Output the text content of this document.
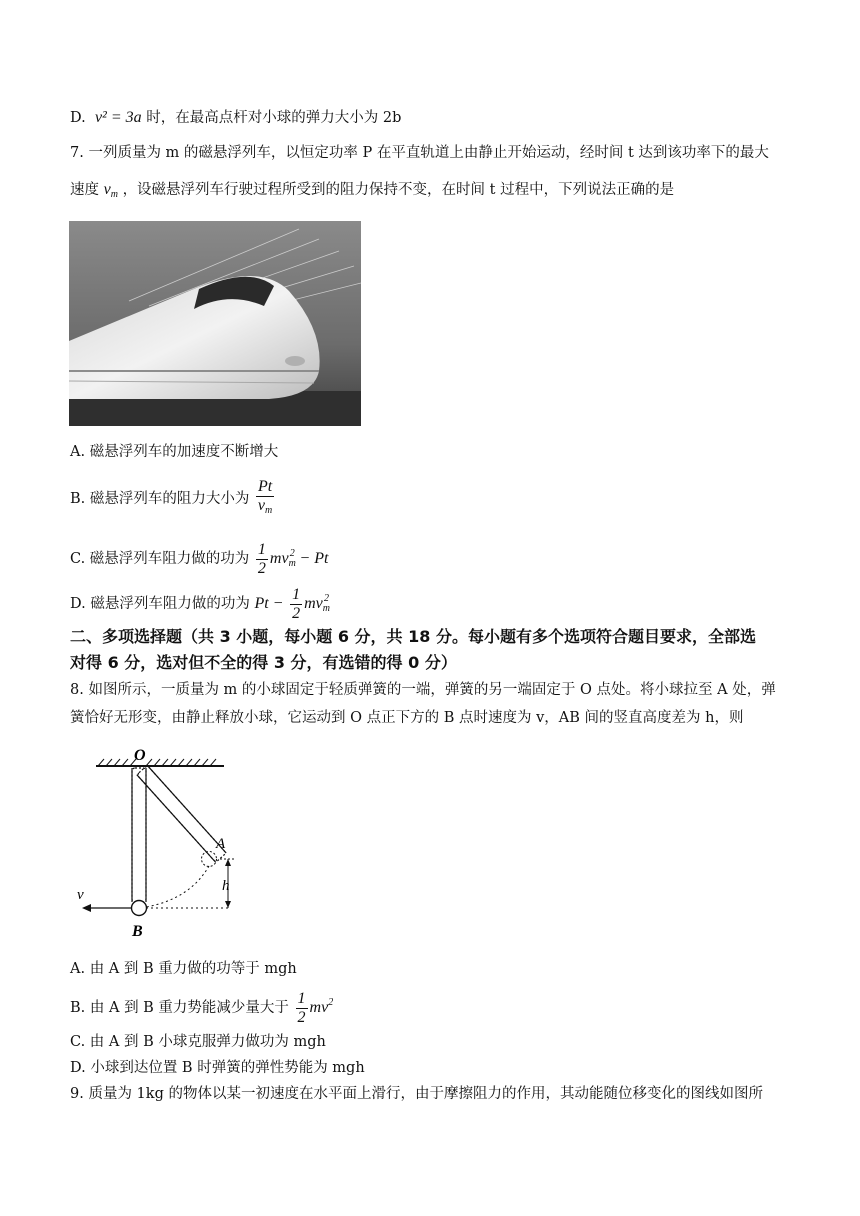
D. v² = 3a 时，在最高点杆对小球的弹力大小为 2b
7. 一列质量为 m 的磁悬浮列车，以恒定功率 P 在平直轨道上由静止开始运动，经时间 t 达到该功率下的最大
速度 $v_m$ ，设磁悬浮列车行驶过程所受到的阻力保持不变，在时间 t 过程中，下列说法正确的是
A. 磁悬浮列车的加速度不断增大
B. 磁悬浮列车的阻力大小为 $\frac{Pt}{v_m}$
C. 磁悬浮列车阻力做的功为 $\frac{1}{2} mv_m^2 - Pt$
D. 磁悬浮列车阻力做的功为 $Pt - \frac{1}{2} mv_m^2$
二、多项选择题（共 3 小题，每小题 6 分，共 18 分。每小题有多个选项符合题目要求，全部选
对得 6 分，选对但不全的得 3 分，有选错的得 0 分）
8. 如图所示，一质量为 m 的小球固定于轻质弹簧的一端，弹簧的另一端固定于 O 点处。将小球拉至 A 处，弹
簧恰好无形变，由静止释放小球，它运动到 O 点正下方的 B 点时速度为 v，AB 间的竖直高度差为 h，则
O
A
h
v
B
A. 由 A 到 B 重力做的功等于 mgh
B. 由 A 到 B 重力势能减少量大于 $\frac{1}{2} mv^2$
C. 由 A 到 B 小球克服弹力做功为 mgh
D. 小球到达位置 B 时弹簧的弹性势能为 mgh
9. 质量为 1kg 的物体以某一初速度在水平面上滑行，由于摩擦阻力的作用，其动能随位移变化的图线如图所
